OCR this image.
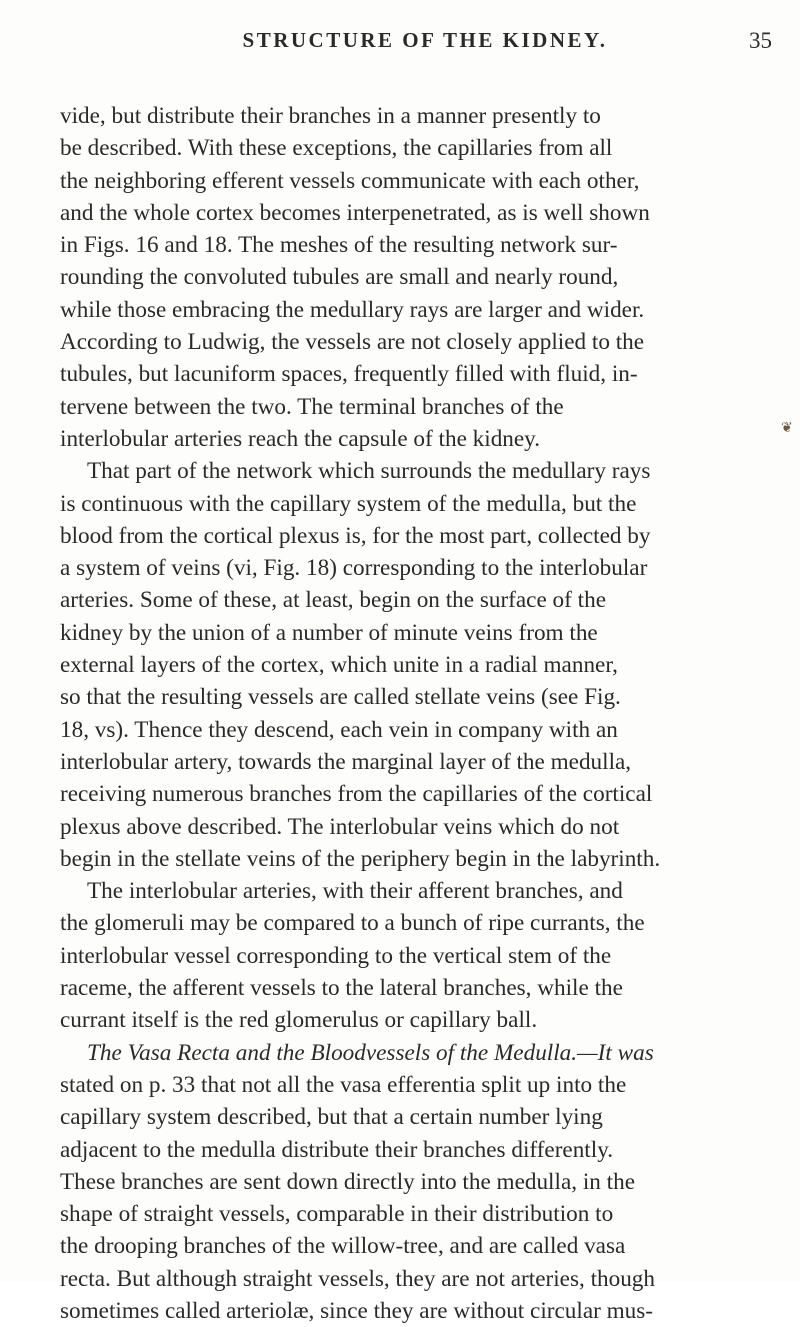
STRUCTURE OF THE KIDNEY.	35
vide, but distribute their branches in a manner presently to
be described. With these exceptions, the capillaries from all
the neighboring efferent vessels communicate with each other,
and the whole cortex becomes interpenetrated, as is well shown
in Figs. 16 and 18. The meshes of the resulting network sur-
rounding the convoluted tubules are small and nearly round,
while those embracing the medullary rays are larger and wider.
According to Ludwig, the vessels are not closely applied to the
tubules, but lacuniform spaces, frequently filled with fluid, in-
tervene between the two. The terminal branches of the
interlobular arteries reach the capsule of the kidney.
That part of the network which surrounds the medullary rays
is continuous with the capillary system of the medulla, but the
blood from the cortical plexus is, for the most part, collected by
a system of veins (vi, Fig. 18) corresponding to the interlobular
arteries. Some of these, at least, begin on the surface of the
kidney by the union of a number of minute veins from the
external layers of the cortex, which unite in a radial manner,
so that the resulting vessels are called stellate veins (see Fig.
18, vs). Thence they descend, each vein in company with an
interlobular artery, towards the marginal layer of the medulla,
receiving numerous branches from the capillaries of the cortical
plexus above described. The interlobular veins which do not
begin in the stellate veins of the periphery begin in the labyrinth.
The interlobular arteries, with their afferent branches, and
the glomeruli may be compared to a bunch of ripe currants, the
interlobular vessel corresponding to the vertical stem of the
raceme, the afferent vessels to the lateral branches, while the
currant itself is the red glomerulus or capillary ball.
The Vasa Recta and the Bloodvessels of the Medulla.—It was
stated on p. 33 that not all the vasa efferentia split up into the
capillary system described, but that a certain number lying
adjacent to the medulla distribute their branches differently.
These branches are sent down directly into the medulla, in the
shape of straight vessels, comparable in their distribution to
the drooping branches of the willow-tree, and are called vasa
recta. But although straight vessels, they are not arteries, though
sometimes called arteriolæ, since they are without circular mus-
❦
